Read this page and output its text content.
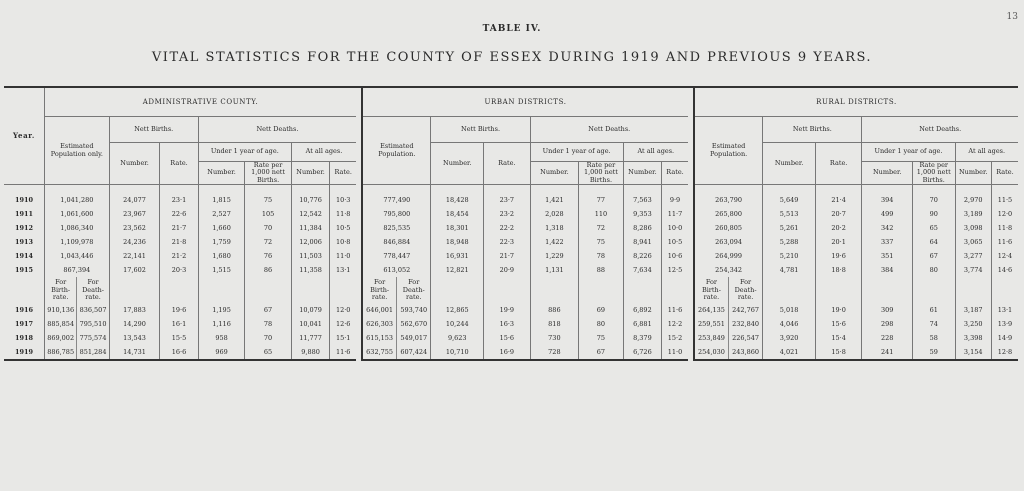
13
TABLE IV.
VITAL STATISTICS FOR THE COUNTY OF ESSEX DURING 1919 AND PREVIOUS 9 YEARS.
Year.	ADMINISTRATIVE COUNTY.									URBAN DISTRICTS.									RURAL DISTRICTS.							
	Estimated Population only.		Nett Births.		Nett Deaths.					Estimated Population.		Nett Births.		Nett Deaths.					Estimated Population.		Nett Births.		Nett Deaths.			
			Number.	Rate.	Under 1 year of age.		At all ages.					Number.	Rate.	Under 1 year of age.		At all ages.					Number.	Rate.	Under 1 year of age.		At all ages.	
					Number.	Rate per 1,000 nett Births.	Number.	Rate.						Number.	Rate per 1,000 nett Births.	Number.	Rate.						Number.	Rate per 1,000 nett Births.	Number.	Rate.
1910	1,041,280		24,077	23·1	1,815	75	10,776	10·3		777,490		18,428	23·7	1,421	77	7,563	9·9		263,790		5,649	21·4	394	70	2,970	11·5
1911	1,061,600		23,967	22·6	2,527	105	12,542	11·8		795,800		18,454	23·2	2,028	110	9,353	11·7		265,800		5,513	20·7	499	90	3,189	12·0
1912	1,086,340		23,562	21·7	1,660	70	11,384	10·5		825,535		18,301	22·2	1,318	72	8,286	10·0		260,805		5,261	20·2	342	65	3,098	11·8
1913	1,109,978		24,236	21·8	1,759	72	12,006	10·8		846,884		18,948	22·3	1,422	75	8,941	10·5		263,094		5,288	20·1	337	64	3,065	11·6
1914	1,043,446		22,141	21·2	1,680	76	11,503	11·0		778,447		16,931	21·7	1,229	78	8,226	10·6		264,999		5,210	19·6	351	67	3,277	12·4
1915	867,394		17,602	20·3	1,515	86	11,358	13·1		613,052		12,821	20·9	1,131	88	7,634	12·5		254,342		4,781	18·8	384	80	3,774	14·6
	For Birth-rate.	For Death-rate.								For Birth-rate.	For Death-rate.								For Birth-rate.	For Death-rate.						
1916	910,136	836,507	17,883	19·6	1,195	67	10,079	12·0		646,001	593,740	12,865	19·9	886	69	6,892	11·6		264,135	242,767	5,018	19·0	309	61	3,187	13·1
1917	885,854	795,510	14,290	16·1	1,116	78	10,041	12·6		626,303	562,670	10,244	16·3	818	80	6,881	12·2		259,551	232,840	4,046	15·6	298	74	3,250	13·9
1918	869,002	775,574	13,543	15·5	958	70	11,777	15·1		615,153	549,017	9,623	15·6	730	75	8,379	15·2		253,849	226,547	3,920	15·4	228	58	3,398	14·9
1919	886,785	851,284	14,731	16·6	969	65	9,880	11·6		632,755	607,424	10,710	16·9	728	67	6,726	11·0		254,030	243,860	4,021	15·8	241	59	3,154	12·8
